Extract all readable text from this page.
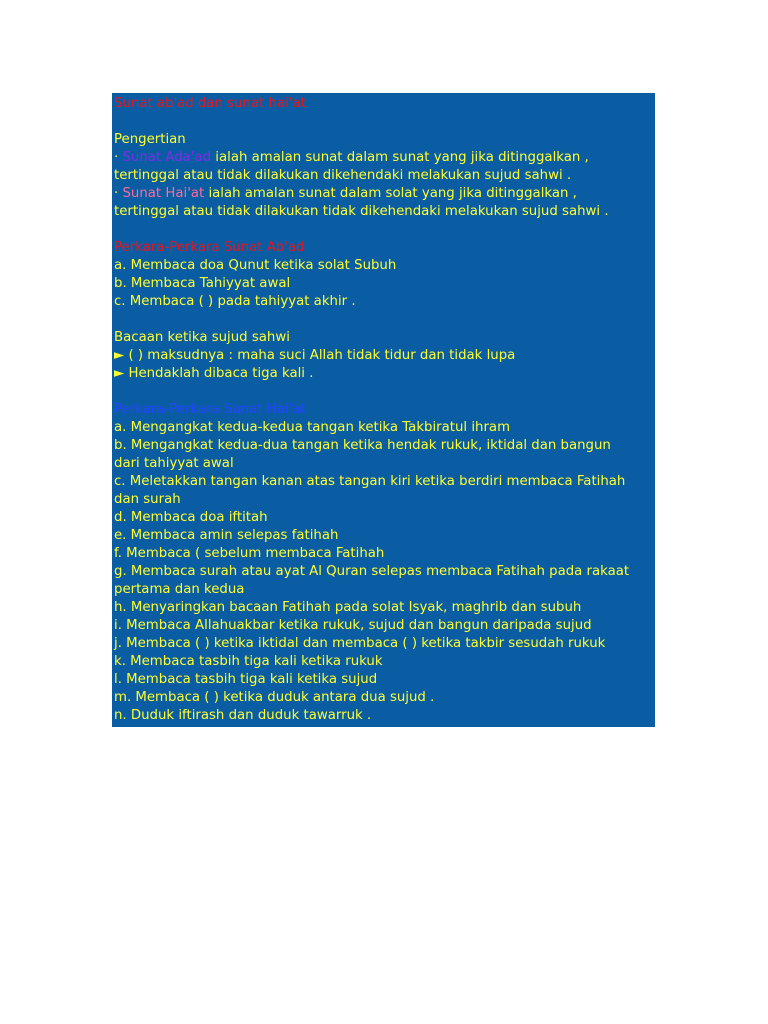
Sunat ab'ad dan sunat hai'at
Pengertian
· Sunat Ada'ad ialah amalan sunat dalam sunat yang jika ditinggalkan ,
tertinggal atau tidak dilakukan dikehendaki melakukan sujud sahwi .
· Sunat Hai'at ialah amalan sunat dalam solat yang jika ditinggalkan ,
tertinggal atau tidak dilakukan tidak dikehendaki melakukan sujud sahwi .
Perkara-Perkara Sunat Ab'ad
a. Membaca doa Qunut ketika solat Subuh
b. Membaca Tahiyyat awal
c. Membaca ( ) pada tahiyyat akhir .
Bacaan ketika sujud sahwi
► ( ) maksudnya : maha suci Allah tidak tidur dan tidak lupa
► Hendaklah dibaca tiga kali .
Perkara-Perkara Sunat Hai'at
a. Mengangkat kedua-kedua tangan ketika Takbiratul ihram
b. Mengangkat kedua-dua tangan ketika hendak rukuk, iktidal dan bangun
dari tahiyyat awal
c. Meletakkan tangan kanan atas tangan kiri ketika berdiri membaca Fatihah
dan surah
d. Membaca doa iftitah
e. Membaca amin selepas fatihah
f. Membaca ( sebelum membaca Fatihah
g. Membaca surah atau ayat Al Quran selepas membaca Fatihah pada rakaat
pertama dan kedua
h. Menyaringkan bacaan Fatihah pada solat Isyak, maghrib dan subuh
i. Membaca Allahuakbar ketika rukuk, sujud dan bangun daripada sujud
j. Membaca ( ) ketika iktidal dan membaca ( ) ketika takbir sesudah rukuk
k. Membaca tasbih tiga kali ketika rukuk
l. Membaca tasbih tiga kali ketika sujud
m. Membaca ( ) ketika duduk antara dua sujud .
n. Duduk iftirash dan duduk tawarruk .
